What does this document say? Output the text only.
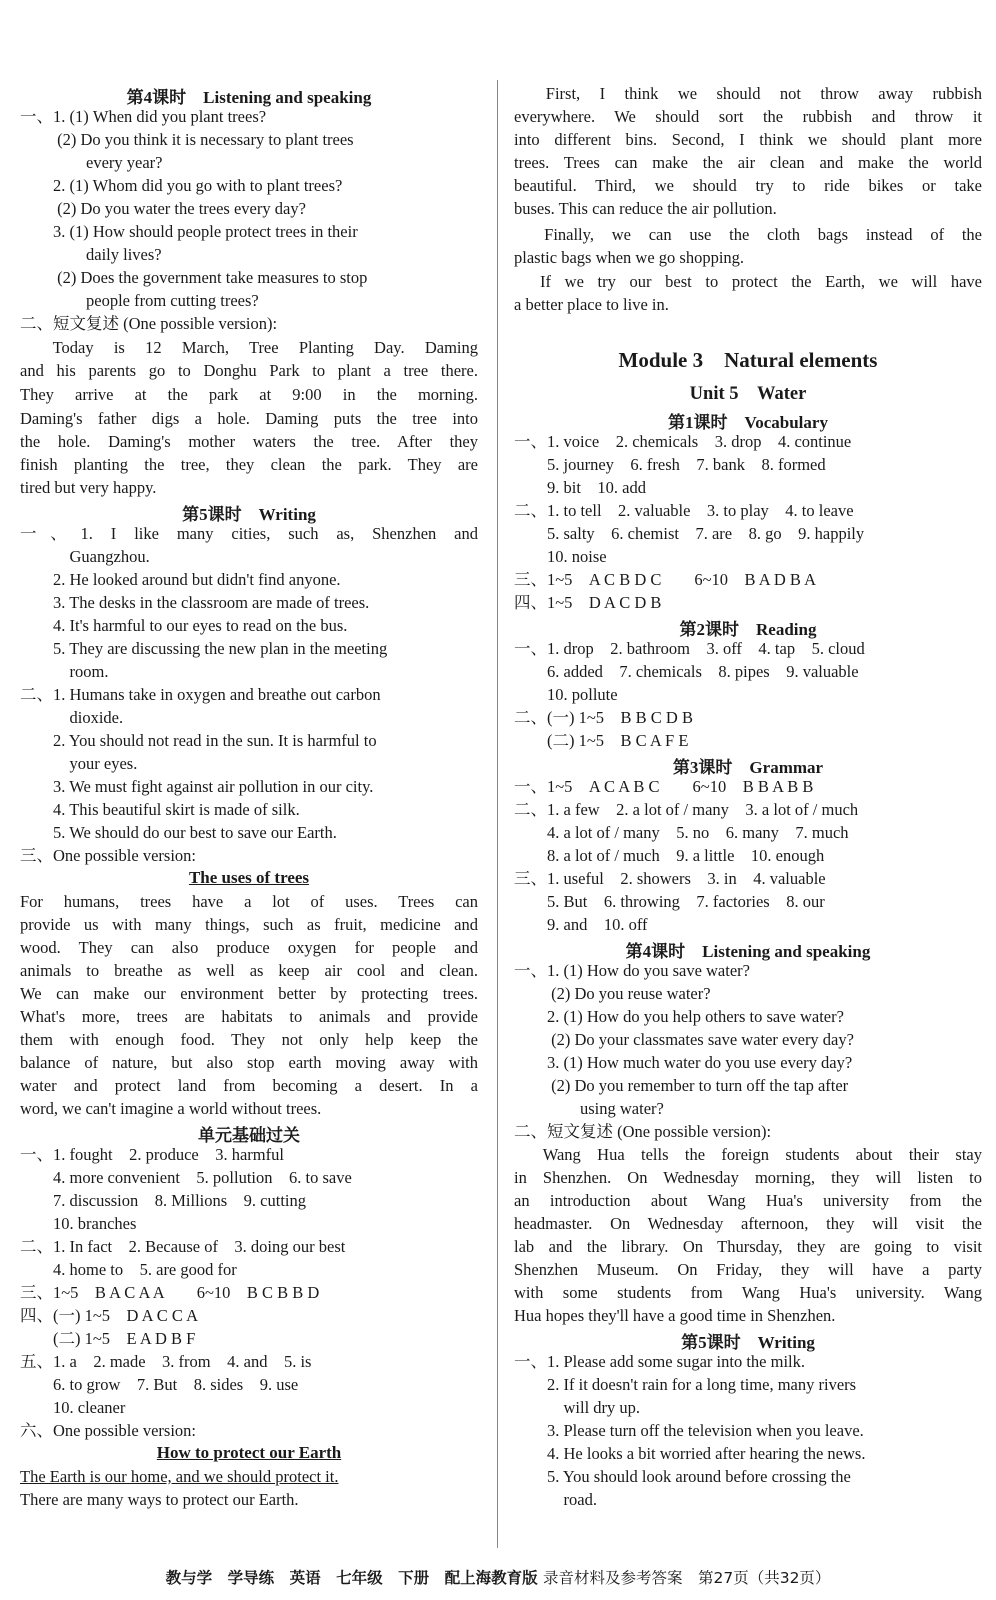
第4课时　Listening and speaking
一、1. (1) When did you plant trees?
　　 (2) Do you think it is necessary to plant trees
　　　　every year?
　　2. (1) Whom did you go with to plant trees?
　　 (2) Do you water the trees every day?
　　3. (1) How should people protect trees in their
　　　　daily lives?
　　 (2) Does the government take measures to stop
　　　　people from cutting trees?
二、短文复述 (One possible version):
　Today is 12 March, Tree Planting Day. Daming
and his parents go to Donghu Park to plant a tree there.
They arrive at the park at 9:00 in the morning.
Daming's father digs a hole. Daming puts the tree into
the hole. Daming's mother waters the tree. After they
finish planting the tree, they clean the park. They are
tired but very happy.
第5课时　Writing
一、1. I like many cities, such as, Shenzhen and
　　　Guangzhou.
　　2. He looked around but didn't find anyone.
　　3. The desks in the classroom are made of trees.
　　4. It's harmful to our eyes to read on the bus.
　　5. They are discussing the new plan in the meeting
　　　room.
二、1. Humans take in oxygen and breathe out carbon
　　　dioxide.
　　2. You should not read in the sun. It is harmful to
　　　your eyes.
　　3. We must fight against air pollution in our city.
　　4. This beautiful skirt is made of silk.
　　5. We should do our best to save our Earth.
三、One possible version:
The uses of trees
For humans, trees have a lot of uses. Trees can
provide us with many things, such as fruit, medicine and
wood. They can also produce oxygen for people and
animals to breathe as well as keep air cool and clean.
We can make our environment better by protecting trees.
What's more, trees are habitats to animals and provide
them with enough food. They not only help keep the
balance of nature, but also stop earth moving away with
water and protect land from becoming a desert. In a
word, we can't imagine a world without trees.
单元基础过关
一、1. fought　2. produce　3. harmful
　　4. more convenient　5. pollution　6. to save
　　7. discussion　8. Millions　9. cutting
　　10. branches
二、1. In fact　2. Because of　3. doing our best
　　4. home to　5. are good for
三、1~5　B A C A A　　6~10　B C B B D
四、(一) 1~5　D A C C A
　　(二) 1~5　E A D B F
五、1. a　2. made　3. from　4. and　5. is
　　6. to grow　7. But　8. sides　9. use
　　10. cleaner
六、One possible version:
How to protect our Earth
The Earth is our home, and we should protect it.
There are many ways to protect our Earth.
　First, I think we should not throw away rubbish
everywhere. We should sort the rubbish and throw it
into different bins. Second, I think we should plant more
trees. Trees can make the air clean and make the world
beautiful. Third, we should try to ride bikes or take
buses. This can reduce the air pollution.
　Finally, we can use the cloth bags instead of the
plastic bags when we go shopping.
　If we try our best to protect the Earth, we will have
a better place to live in.
Module 3　Natural elements
Unit 5　Water
第1课时　Vocabulary
一、1. voice　2. chemicals　3. drop　4. continue
　　5. journey　6. fresh　7. bank　8. formed
　　9. bit　10. add
二、1. to tell　2. valuable　3. to play　4. to leave
　　5. salty　6. chemist　7. are　8. go　9. happily
　　10. noise
三、1~5　A C B D C　　6~10　B A D B A
四、1~5　D A C D B
第2课时　Reading
一、1. drop　2. bathroom　3. off　4. tap　5. cloud
　　6. added　7. chemicals　8. pipes　9. valuable
　　10. pollute
二、(一) 1~5　B B C D B
　　(二) 1~5　B C A F E
第3课时　Grammar
一、1~5　A C A B C　　6~10　B B A B B
二、1. a few　2. a lot of / many　3. a lot of / much
　　4. a lot of / many　5. no　6. many　7. much
　　8. a lot of / much　9. a little　10. enough
三、1. useful　2. showers　3. in　4. valuable
　　5. But　6. throwing　7. factories　8. our
　　9. and　10. off
第4课时　Listening and speaking
一、1. (1) How do you save water?
　　 (2) Do you reuse water?
　　2. (1) How do you help others to save water?
　　 (2) Do your classmates save water every day?
　　3. (1) How much water do you use every day?
　　 (2) Do you remember to turn off the tap after
　　　　using water?
二、短文复述 (One possible version):
　Wang Hua tells the foreign students about their stay
in Shenzhen. On Wednesday morning, they will listen to
an introduction about Wang Hua's university from the
headmaster. On Wednesday afternoon, they will visit the
lab and the library. On Thursday, they are going to visit
Shenzhen Museum. On Friday, they will have a party
with some students from Wang Hua's university. Wang
Hua hopes they'll have a good time in Shenzhen.
第5课时　Writing
一、1. Please add some sugar into the milk.
　　2. If it doesn't rain for a long time, many rivers
　　　will dry up.
　　3. Please turn off the television when you leave.
　　4. He looks a bit worried after hearing the news.
　　5. You should look around before crossing the
　　　road.
教与学　学导练　英语　七年级　下册　配上海教育版 录音材料及参考答案　第27页（共32页）
